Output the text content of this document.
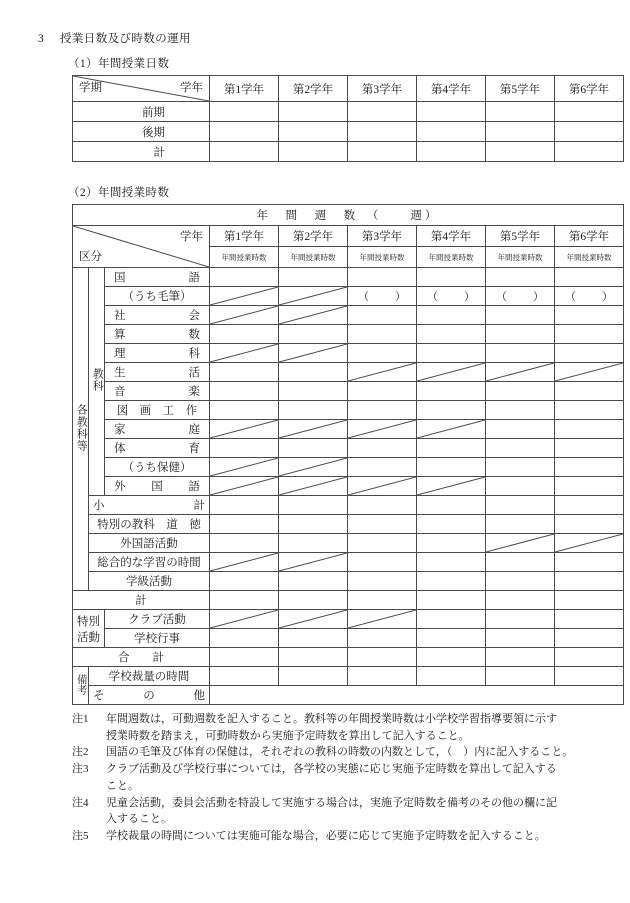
3 授業日数及び時数の運用
（1）年間授業日数
学期 学年	第1学年	第2学年	第3学年	第4学年	第5学年	第6学年
前期						
後期						
計						
（2）年間授業時数
年　間　週　数　（　　週）								

学年
区分			第1学年	第2学年	第3学年	第4学年	第5学年	第6学年
			年間授業時数	年間授業時数	年間授業時数	年間授業時数	年間授業時数	年間授業時数
各教科等	教科	国　　　　語						
		（うち毛筆）			（ ）	（ ）	（ ）	（ ）
		社　　　　会	

		算　　　　数						
		理　　　　科	

		生　　　　活			

		音　　　　楽						
		図　画　工　作						
		家　　　　庭	

		体　　　　育						
		（うち保健）	

		外　国　語	

	小　　　計							
	特別の教科　道　徳							
	外国語活動					

	総合的な学習の時間	

	学級活動							
計								
特別活動		クラブ活動	

		学校行事						
合　　計								
備考	学校裁量の時間							
	そ　の　他							
注1	年間週数は，可動週数を記入すること。教科等の年間授業時数は小学校学習指導要領に示す
授業時数を踏まえ，可動時数から実施予定時数を算出して記入すること。
注2	国語の毛筆及び体育の保健は，それぞれの教科の時数の内数として，（　）内に記入すること。
注3	クラブ活動及び学校行事については，各学校の実態に応じ実施予定時数を算出して記入する
こと。
注4	児童会活動，委員会活動を特設して実施する場合は，実施予定時数を備考のその他の欄に記
入すること。
注5	学校裁量の時間については実施可能な場合，必要に応じて実施予定時数を記入すること。
